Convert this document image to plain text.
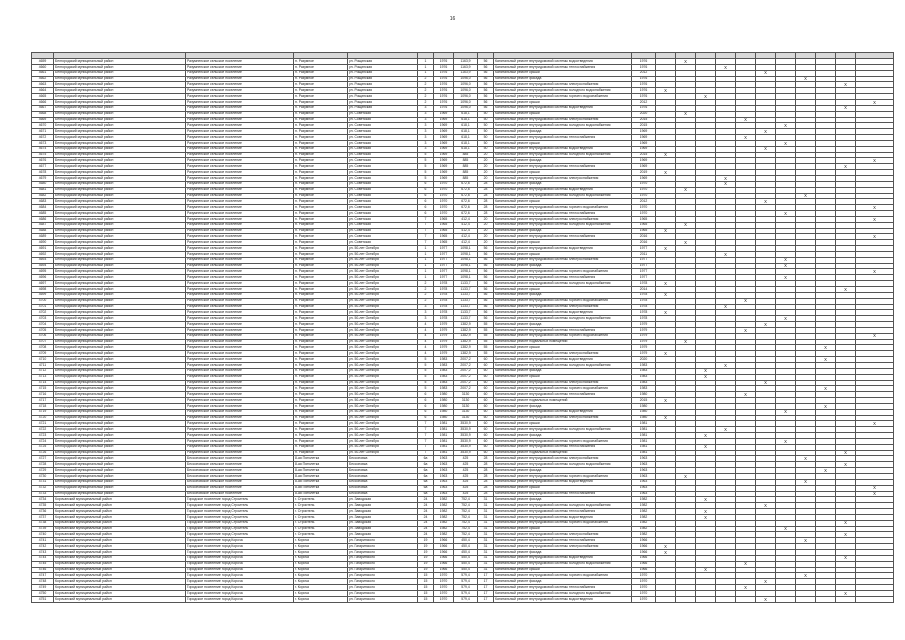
16

4659	Белгородский муниципальный район	Разумненское сельское поселение	п. Разумное	ул. Рощинская	1	1976	1163,9	56	Капитальный ремонт внутридомовой системы водоотведения	1976		X									
4660	Белгородский муниципальный район	Разумненское сельское поселение	п. Разумное	ул. Рощинская	1	1976	1163,9	56	Капитальный ремонт внутридомовой системы теплоснабжения	1976				X							
4661	Белгородский муниципальный район	Разумненское сельское поселение	п. Разумное	ул. Рощинская	1	1976	1163,9	56	Капитальный ремонт крыши	2012						X					
4662	Белгородский муниципальный район	Разумненское сельское поселение	п. Разумное	ул. Рощинская	2	1976	1096,0	56	Капитальный ремонт фасада	1976								X			
4663	Белгородский муниципальный район	Разумненское сельское поселение	п. Разумное	ул. Рощинская	2	1976	1096,0	56	Капитальный ремонт внутридомовой системы электроснабжения	1976										X	
4664	Белгородский муниципальный район	Разумненское сельское поселение	п. Разумное	ул. Рощинская	2	1976	1096,0	56	Капитальный ремонт внутридомовой системы холодного водоснабжения	1976	X										
4665	Белгородский муниципальный район	Разумненское сельское поселение	п. Разумное	ул. Рощинская	2	1976	1096,0	56	Капитальный ремонт внутридомовой системы горячего водоснабжения	1976			X								
4666	Белгородский муниципальный район	Разумненское сельское поселение	п. Разумное	ул. Рощинская	2	1976	1096,0	56	Капитальный ремонт крыши	2012											X
4667	Белгородский муниципальный район	Разумненское сельское поселение	п. Разумное	ул. Рощинская	3	1976	1096,0	56	Капитальный ремонт внутридомовой системы водоотведения	1976										X	
4668	Белгородский муниципальный район	Разумненское сельское поселение	п. Разумное	ул. Советская	3	1969	618,1	50	Капитальный ремонт крыши	2020		X									
4669	Белгородский муниципальный район	Разумненское сельское поселение	п. Разумное	ул. Советская	3	1969	618,1	50	Капитальный ремонт внутридомовой системы электроснабжения	2015					X						
4670	Белгородский муниципальный район	Разумненское сельское поселение	п. Разумное	ул. Советская	3	1969	618,1	50	Капитальный ремонт внутридомовой системы холодного водоснабжения	2015							X				
4671	Белгородский муниципальный район	Разумненское сельское поселение	п. Разумное	ул. Советская	3	1969	618,1	50	Капитальный ремонт фасада	1969						X					
4672	Белгородский муниципальный район	Разумненское сельское поселение	п. Разумное	ул. Советская	3	1969	618,1	50	Капитальный ремонт внутридомовой системы теплоснабжения	1969					X						
4673	Белгородский муниципальный район	Разумненское сельское поселение	п. Разумное	ул. Советская	3	1969	618,1	50	Капитальный ремонт крыши	1969							X				
4674	Белгородский муниципальный район	Разумненское сельское поселение	п. Разумное	ул. Советская	3	1969	618,1	50	Капитальный ремонт внутридомовой системы водоотведения	1969						X					
4675	Белгородский муниципальный район	Разумненское сельское поселение	п. Разумное	ул. Советская	5	1969	885	20	Капитальный ремонт внутридомовой системы холодного водоснабжения	2015	X										
4676	Белгородский муниципальный район	Разумненское сельское поселение	п. Разумное	ул. Советская	5	1969	885	20	Капитальный ремонт фасада	1969											X
4677	Белгородский муниципальный район	Разумненское сельское поселение	п. Разумное	ул. Советская	5	1969	885	20	Капитальный ремонт внутридомовой системы теплоснабжения	1969										X	
4678	Белгородский муниципальный район	Разумненское сельское поселение	п. Разумное	ул. Советская	5	1969	885	20	Капитальный ремонт крыши	2019	X										
4679	Белгородский муниципальный район	Разумненское сельское поселение	п. Разумное	ул. Советская	5	1969	885	20	Капитальный ремонт внутридомовой системы электроснабжения	1969				X							
4680	Белгородский муниципальный район	Разумненское сельское поселение	п. Разумное	ул. Советская	6	1970	672,6	28	Капитальный ремонт фасада	1970				X							
4681	Белгородский муниципальный район	Разумненское сельское поселение	п. Разумное	ул. Советская	6	1970	672,6	28	Капитальный ремонт внутридомовой системы водоотведения	1970		X									
4682	Белгородский муниципальный район	Разумненское сельское поселение	п. Разумное	ул. Советская	6	1970	672,6	28	Капитальный ремонт внутридомовой системы холодного водоснабжения	1970								X			
4683	Белгородский муниципальный район	Разумненское сельское поселение	п. Разумное	ул. Советская	6	1970	672,6	28	Капитальный ремонт крыши	2012						X					
4684	Белгородский муниципальный район	Разумненское сельское поселение	п. Разумное	ул. Советская	6	1970	672,6	28	Капитальный ремонт внутридомовой системы горячего водоснабжения	1970											X
4685	Белгородский муниципальный район	Разумненское сельское поселение	п. Разумное	ул. Советская	6	1970	672,6	28	Капитальный ремонт внутридомовой системы теплоснабжения	1970							X				
4686	Белгородский муниципальный район	Разумненское сельское поселение	п. Разумное	ул. Советская	7	1965	412,4	20	Капитальный ремонт внутридомовой системы электроснабжения	1965											X
4687	Белгородский муниципальный район	Разумненское сельское поселение	п. Разумное	ул. Советская	7	1965	412,4	20	Капитальный ремонт внутридомовой системы холодного водоснабжения	1965		X									
4688	Белгородский муниципальный район	Разумненское сельское поселение	п. Разумное	ул. Советская	7	1965	412,4	20	Капитальный ремонт фасада	1965	X										
4689	Белгородский муниципальный район	Разумненское сельское поселение	п. Разумное	ул. Советская	7	1965	412,4	20	Капитальный ремонт внутридомовой системы теплоснабжения	2016											X
4690	Белгородский муниципальный район	Разумненское сельское поселение	п. Разумное	ул. Советская	7	1965	412,4	20	Капитальный ремонт крыши	2016		X									
4691	Белгородский муниципальный район	Разумненское сельское поселение	п. Разумное	ул. 50-лет Октября	1	1977	1098,1	56	Капитальный ремонт внутридомовой системы водоотведения	1977	X										
4692	Белгородский муниципальный район	Разумненское сельское поселение	п. Разумное	ул. 50-лет Октября	1	1977	1098,1	56	Капитальный ремонт крыши	2011				X							
4693	Белгородский муниципальный район	Разумненское сельское поселение	п. Разумное	ул. 50-лет Октября	1	1977	1098,1	56	Капитальный ремонт внутридомовой системы электроснабжения	1977							X				
4694	Белгородский муниципальный район	Разумненское сельское поселение	п. Разумное	ул. 50-лет Октября	1	1977	1098,1	56	Капитальный ремонт фасада	1977							X				
4695	Белгородский муниципальный район	Разумненское сельское поселение	п. Разумное	ул. 50-лет Октября	1	1977	1098,1	56	Капитальный ремонт внутридомовой системы горячего водоснабжения	1977											X
4696	Белгородский муниципальный район	Разумненское сельское поселение	п. Разумное	ул. 50-лет Октября	1	1977	1098,1	56	Капитальный ремонт внутридомовой системы теплоснабжения	1977							X				
4697	Белгородский муниципальный район	Разумненское сельское поселение	п. Разумное	ул. 50-лет Октября	2	1978	1133,7	56	Капитальный ремонт внутридомовой системы холодного водоснабжения	1978	X										
4698	Белгородский муниципальный район	Разумненское сельское поселение	п. Разумное	ул. 50-лет Октября	2	1978	1133,7	56	Капитальный ремонт крыши	2014										X	
4699	Белгородский муниципальный район	Разумненское сельское поселение	п. Разумное	ул. 50-лет Октября	2	1978	1133,7	56	Капитальный ремонт фасада	1978	X										
4700	Белгородский муниципальный район	Разумненское сельское поселение	п. Разумное	ул. 50-лет Октября	2	1978	1133,7	56	Капитальный ремонт внутридомовой системы горячего водоснабжения	1978					X						
4701	Белгородский муниципальный район	Разумненское сельское поселение	п. Разумное	ул. 50-лет Октября	3	1978	1133,7	56	Капитальный ремонт внутридомовой системы электроснабжения	1978				X							
4702	Белгородский муниципальный район	Разумненское сельское поселение	п. Разумное	ул. 50-лет Октября	3	1978	1133,7	56	Капитальный ремонт внутридомовой системы водоотведения	1978	X										
4703	Белгородский муниципальный район	Разумненское сельское поселение	п. Разумное	ул. 50-лет Октября	3	1978	1133,7	56	Капитальный ремонт внутридомовой системы холодного водоснабжения	1978							X				
4704	Белгородский муниципальный район	Разумненское сельское поселение	п. Разумное	ул. 50-лет Октября	4	1979	1382,9	55	Капитальный ремонт фасада	1979						X					
4705	Белгородский муниципальный район	Разумненское сельское поселение	п. Разумное	ул. 50-лет Октября	4	1979	1382,9	55	Капитальный ремонт внутридомовой системы теплоснабжения	1979					X						
4706	Белгородский муниципальный район	Разумненское сельское поселение	п. Разумное	ул. 50-лет Октября	4	1979	1382,9	55	Капитальный ремонт внутридомовой системы горячего водоснабжения	1979											X
4707	Белгородский муниципальный район	Разумненское сельское поселение	п. Разумное	ул. 50-лет Октября	4	1979	1382,9	55	Капитальный ремонт подвальных помещений	1979		X									
4708	Белгородский муниципальный район	Разумненское сельское поселение	п. Разумное	ул. 50-лет Октября	4	1979	1382,9	55	Капитальный ремонт крыши	1979									X		
4709	Белгородский муниципальный район	Разумненское сельское поселение	п. Разумное	ул. 50-лет Октября	4	1979	1382,9	55	Капитальный ремонт внутридомовой системы электроснабжения	1979	X										
4710	Белгородский муниципальный район	Разумненское сельское поселение	п. Разумное	ул. 50-лет Октября	5	1983	2007,2	60	Капитальный ремонт внутридомовой системы водоотведения	2020									X		
4711	Белгородский муниципальный район	Разумненское сельское поселение	п. Разумное	ул. 50-лет Октября	5	1983	2007,2	60	Капитальный ремонт внутридомовой системы холодного водоснабжения	1983				X							
4712	Белгородский муниципальный район	Разумненское сельское поселение	п. Разумное	ул. 50-лет Октября	5	1983	2007,2	60	Капитальный ремонт фасада	1983			X								
4713	Белгородский муниципальный район	Разумненское сельское поселение	п. Разумное	ул. 50-лет Октября	5	1983	2007,2	60	Капитальный ремонт крыши	1983			X								
4714	Белгородский муниципальный район	Разумненское сельское поселение	п. Разумное	ул. 50-лет Октября	5	1983	2007,2	60	Капитальный ремонт внутридомовой системы электроснабжения	1983						X					
4715	Белгородский муниципальный район	Разумненское сельское поселение	п. Разумное	ул. 50-лет Октября	5	1983	2007,2	60	Капитальный ремонт внутридомовой системы горячего водоснабжения	1983									X		
4716	Белгородский муниципальный район	Разумненское сельское поселение	п. Разумное	ул. 50-лет Октября	6	1980	3130	60	Капитальный ремонт внутридомовой системы теплоснабжения	1980					X						
4717	Белгородский муниципальный район	Разумненское сельское поселение	п. Разумное	ул. 50-лет Октября	6	1980	3130	60	Капитальный ремонт подвальных помещений	2015	X										
4718	Белгородский муниципальный район	Разумненское сельское поселение	п. Разумное	ул. 50-лет Октября	6	1980	3130	60	Капитальный ремонт фасада	1980									X		
4719	Белгородский муниципальный район	Разумненское сельское поселение	п. Разумное	ул. 50-лет Октября	6	1980	3130	60	Капитальный ремонт внутридомовой системы водоотведения	1980							X				
4720	Белгородский муниципальный район	Разумненское сельское поселение	п. Разумное	ул. 50-лет Октября	6	1980	3130	60	Капитальный ремонт внутридомовой системы электроснабжения	1980	X										
4721	Белгородский муниципальный район	Разумненское сельское поселение	п. Разумное	ул. 50-лет Октября	7	1981	3530,9	60	Капитальный ремонт крыши	1981											X
4722	Белгородский муниципальный район	Разумненское сельское поселение	п. Разумное	ул. 50-лет Октября	7	1981	3530,9	60	Капитальный ремонт внутридомовой системы холодного водоснабжения	1981				X							
4723	Белгородский муниципальный район	Разумненское сельское поселение	п. Разумное	ул. 50-лет Октября	7	1981	3530,9	60	Капитальный ремонт фасада	1981			X								
4724	Белгородский муниципальный район	Разумненское сельское поселение	п. Разумное	ул. 50-лет Октября	7	1981	3530,9	60	Капитальный ремонт внутридомовой системы горячего водоснабжения	1981							X				
4725	Белгородский муниципальный район	Разумненское сельское поселение	п. Разумное	ул. 50-лет Октября	7	1981	3530,9	60	Капитальный ремонт внутридомовой системы теплоснабжения	1981			X								
4726	Белгородский муниципальный район	Разумненское сельское поселение	п. Разумное	ул. 50-лет Октября	7	1981	3530,9	60	Капитальный ремонт подвальных помещений	1981										X	
4727	Белгородский муниципальный район	Бессоновское сельское поселение	8-ая Пятилетка	Бессоновка	6а	1963	425	28	Капитальный ремонт внутридомовой системы электроснабжения	1963								X			
4728	Белгородский муниципальный район	Бессоновское сельское поселение	8-ая Пятилетка	Бессоновка	6а	1963	425	28	Капитальный ремонт внутридомовой системы холодного водоснабжения	1963										X	
4729	Белгородский муниципальный район	Бессоновское сельское поселение	8-ая Пятилетка	Бессоновка	6а	1963	425	28	Капитальный ремонт фасада	1963									X		
4730	Белгородский муниципальный район	Бессоновское сельское поселение	8-ая Пятилетка	Бессоновка	6а	1963	425	28	Капитальный ремонт внутридомовой системы горячего водоснабжения	1963		X									
4731	Белгородский муниципальный район	Бессоновское сельское поселение	8-ая Пятилетка	Бессоновка	6а	1963	425	28	Капитальный ремонт внутридомовой системы водоотведения	1963								X			
4732	Белгородский муниципальный район	Бессоновское сельское поселение	8-ая Пятилетка	Бессоновка	6а	1963	425	28	Капитальный ремонт крыши	1963											X
4733	Белгородский муниципальный район	Бессоновское сельское поселение	8-ая Пятилетка	Бессоновка	6а	1963	425	28	Капитальный ремонт внутридомовой системы теплоснабжения	1963											X
4734	Корочанский муниципальный район	Городское поселение город Строитель	г. Строитель	ул. Заводская	24	1982	752,4	31	Капитальный ремонт фасада	1982			X								
4735	Корочанский муниципальный район	Городское поселение город Строитель	г. Строитель	ул. Заводская	24	1982	752,4	31	Капитальный ремонт внутридомовой системы холодного водоснабжения	1982						X					
4736	Корочанский муниципальный район	Городское поселение город Строитель	г. Строитель	ул. Заводская	24	1982	752,4	31	Капитальный ремонт внутридомовой системы теплоснабжения	1982			X								
4737	Корочанский муниципальный район	Городское поселение город Строитель	г. Строитель	ул. Заводская	24	1982	752,4	31	Капитальный ремонт внутридомовой системы водоотведения	1982			X								
4738	Корочанский муниципальный район	Городское поселение город Строитель	г. Строитель	ул. Заводская	24	1982	752,4	31	Капитальный ремонт внутридомовой системы горячего водоснабжения	1982										X	
4739	Корочанский муниципальный район	Городское поселение город Строитель	г. Строитель	ул. Заводская	24	1982	752,4	31	Капитальный ремонт крыши	1982							X				
4740	Корочанский муниципальный район	Городское поселение город Строитель	г. Строитель	ул. Заводская	24	1982	752,4	31	Капитальный ремонт внутридомовой системы электроснабжения	1982										X	
4741	Корочанский муниципальный район	Городское поселение город Короча	г. Короча	ул. Гагаринского	19	1966	450,4	31	Капитальный ремонт внутридомовой системы теплоснабжения	1966								X			
4742	Корочанский муниципальный район	Городское поселение город Короча	г. Короча	ул. Гагаринского	19	1966	450,4	31	Капитальный ремонт внутридомовой системы электроснабжения	1966	X										
4743	Корочанский муниципальный район	Городское поселение город Короча	г. Короча	ул. Гагаринского	19	1966	450,4	31	Капитальный ремонт фасада	1966	X										
4744	Корочанский муниципальный район	Городское поселение город Короча	г. Короча	ул. Гагаринского	19	1966	450,4	31	Капитальный ремонт внутридомовой системы водоотведения	1966										X	
4745	Корочанский муниципальный район	Городское поселение город Короча	г. Короча	ул. Гагаринского	19	1966	450,4	31	Капитальный ремонт внутридомовой системы холодного водоснабжения	1966					X						
4746	Корочанский муниципальный район	Городское поселение город Короча	г. Короча	ул. Гагаринского	19	1966	450,4	31	Капитальный ремонт крыши	1966			X								
4747	Корочанский муниципальный район	Городское поселение город Короча	г. Короча	ул. Гагаринского	15	1970	579,4	17	Капитальный ремонт внутридомовой системы горячего водоснабжения	1970								X			
4748	Корочанский муниципальный район	Городское поселение город Короча	г. Короча	ул. Гагаринского	15	1970	579,4	17	Капитальный ремонт фасада	1970						X					
4749	Корочанский муниципальный район	Городское поселение город Короча	г. Короча	ул. Гагаринского	15	1970	579,4	17	Капитальный ремонт внутридомовой системы теплоснабжения	1970					X						
4750	Корочанский муниципальный район	Городское поселение город Короча	г. Короча	ул. Гагаринского	15	1970	579,4	17	Капитальный ремонт внутридомовой системы холодного водоснабжения	1970										X	
4751	Корочанский муниципальный район	Городское поселение город Короча	г. Короча	ул. Гагаринского	15	1970	579,4	17	Капитальный ремонт внутридомовой системы водоотведения	1970						X					
